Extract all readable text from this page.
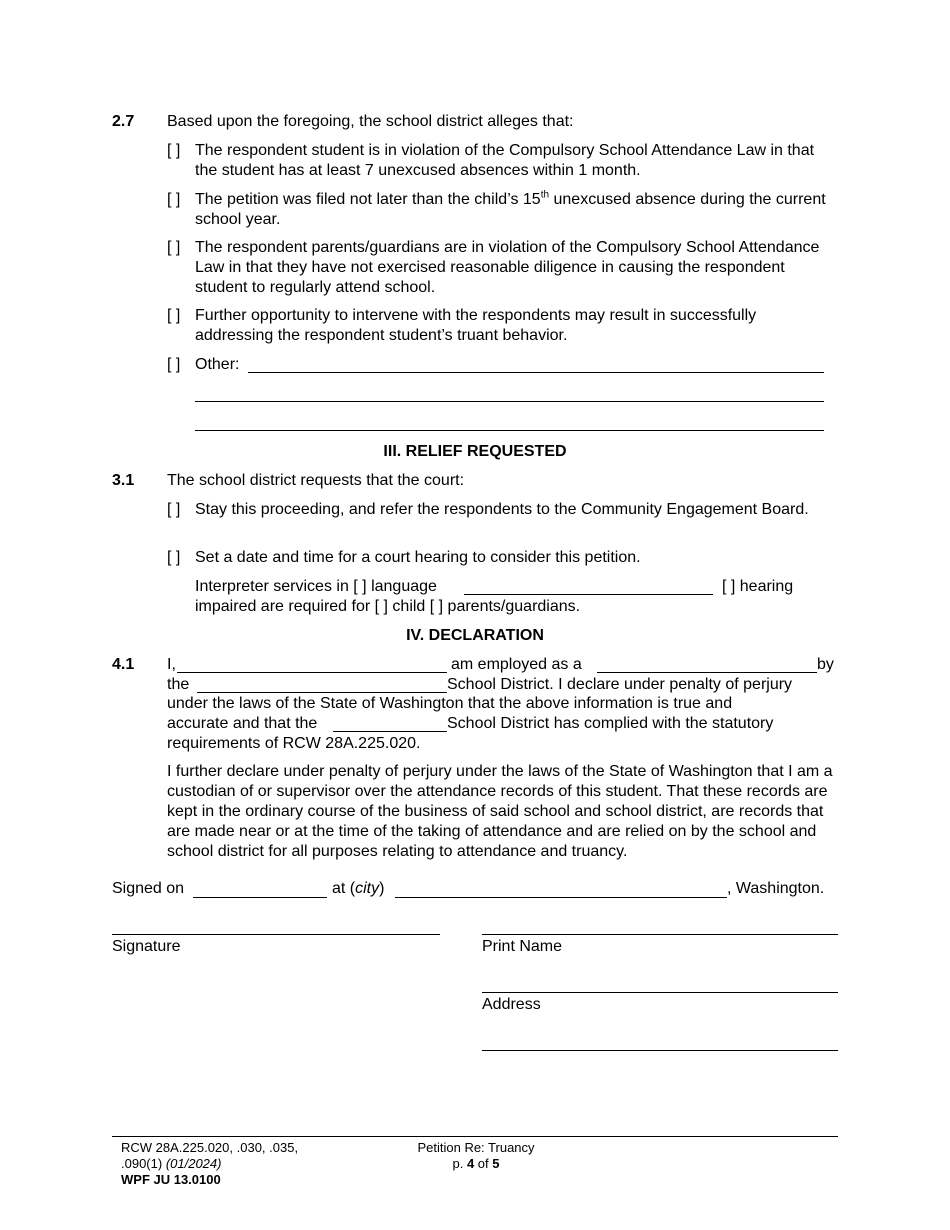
2.7 Based upon the foregoing, the school district alleges that:
[ ] The respondent student is in violation of the Compulsory School Attendance Law in that the student has at least 7 unexcused absences within 1 month.
[ ] The petition was filed not later than the child’s 15th unexcused absence during the current school year.
[ ] The respondent parents/guardians are in violation of the Compulsory School Attendance Law in that they have not exercised reasonable diligence in causing the respondent student to regularly attend school.
[ ] Further opportunity to intervene with the respondents may result in successfully addressing the respondent student’s truant behavior.
[ ] Other:
III. RELIEF REQUESTED
3.1 The school district requests that the court:
[ ] Stay this proceeding, and refer the respondents to the Community Engagement Board.
[ ] Set a date and time for a court hearing to consider this petition.
Interpreter services in [ ] language	[ ] hearing
impaired are required for [ ] child [ ] parents/guardians.
IV. DECLARATION
4.1 I,	am employed as a	by
the	School District. I declare under penalty of perjury
under the laws of the State of Washington that the above information is true and
accurate and that the	School District has complied with the statutory
requirements of RCW 28A.225.020.
I further declare under penalty of perjury under the laws of the State of Washington that I am a custodian of or supervisor over the attendance records of this student. That these records are kept in the ordinary course of the business of said school and school district, are records that are made near or at the time of the taking of attendance and are relied on by the school and school district for all purposes relating to attendance and truancy.
Signed on	at (city)	, Washington.
Signature	Print Name
Address
RCW 28A.225.020, .030, .035,
.090(1) (01/2024)
WPF JU 13.0100
Petition Re: Truancy
p. 4 of 5
